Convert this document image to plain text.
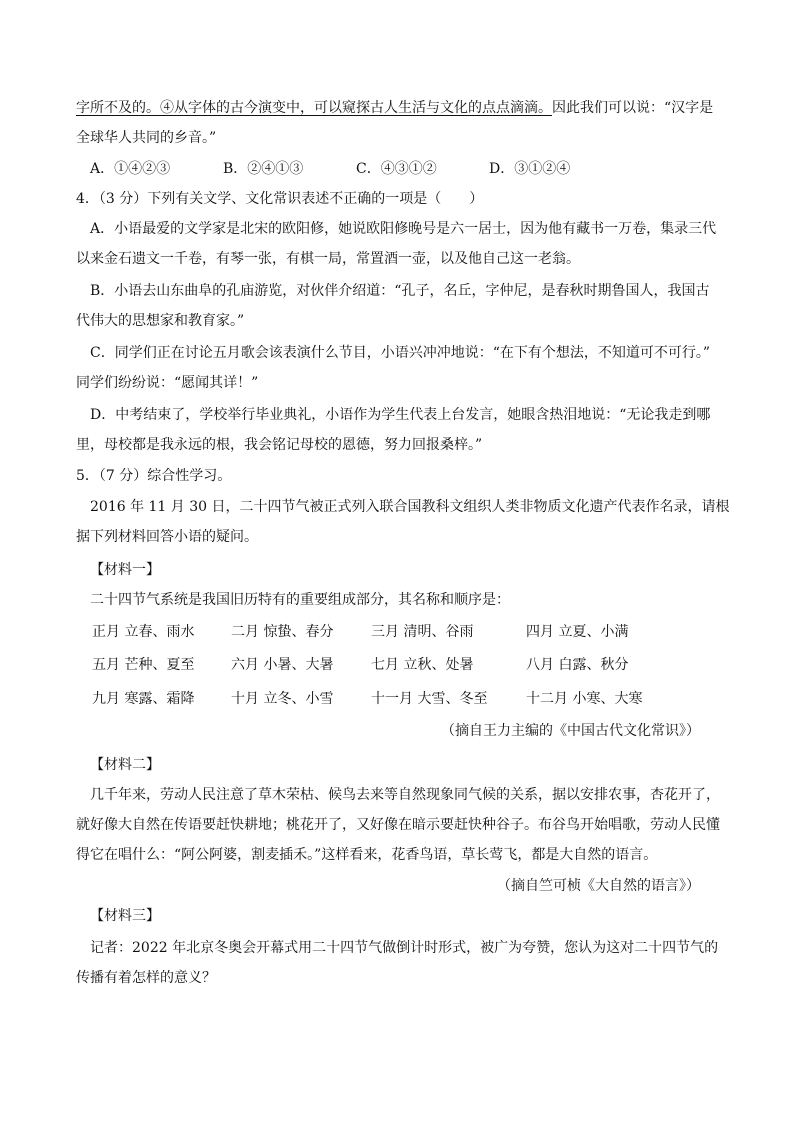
字所不及的。④从字体的古今演变中，可以窥探古人生活与文化的点点滴滴。因此我们可以说：“汉字是
全球华人共同的乡音。”
A．①④②③	B．②④①③	C．④③①②	D．③①②④
4．（3 分）下列有关文学、文化常识表述不正确的一项是（　　）
A．小语最爱的文学家是北宋的欧阳修，她说欧阳修晚号是六一居士，因为他有藏书一万卷，集录三代
以来金石遗文一千卷，有琴一张，有棋一局，常置酒一壶，以及他自己这一老翁。
B．小语去山东曲阜的孔庙游览，对伙伴介绍道：“孔子，名丘，字仲尼，是春秋时期鲁国人，我国古
代伟大的思想家和教育家。”
C．同学们正在讨论五月歌会该表演什么节目，小语兴冲冲地说：“在下有个想法，不知道可不可行。”
同学们纷纷说：“愿闻其详！”
D．中考结束了，学校举行毕业典礼，小语作为学生代表上台发言，她眼含热泪地说：“无论我走到哪
里，母校都是我永远的根，我会铭记母校的恩德，努力回报桑梓。”
5．（7 分）综合性学习。
2016 年 11 月 30 日，二十四节气被正式列入联合国教科文组织人类非物质文化遗产代表作名录，请根
据下列材料回答小语的疑问。
【材料一】
二十四节气系统是我国旧历特有的重要组成部分，其名称和顺序是：
正月 立春、雨水	二月 惊蛰、春分	三月 清明、谷雨	四月 立夏、小满
五月 芒种、夏至	六月 小暑、大暑	七月 立秋、处暑	八月 白露、秋分
九月 寒露、霜降	十月 立冬、小雪	十一月 大雪、冬至	十二月 小寒、大寒
（摘自王力主编的《中国古代文化常识》）
【材料二】
几千年来，劳动人民注意了草木荣枯、候鸟去来等自然现象同气候的关系，据以安排农事，杏花开了，
就好像大自然在传语要赶快耕地；桃花开了，又好像在暗示要赶快种谷子。布谷鸟开始唱歌，劳动人民懂
得它在唱什么：“阿公阿婆，割麦插禾。”这样看来，花香鸟语，草长莺飞，都是大自然的语言。
（摘自竺可桢《大自然的语言》）
【材料三】
记者：2022 年北京冬奥会开幕式用二十四节气做倒计时形式，被广为夸赞，您认为这对二十四节气的
传播有着怎样的意义？
